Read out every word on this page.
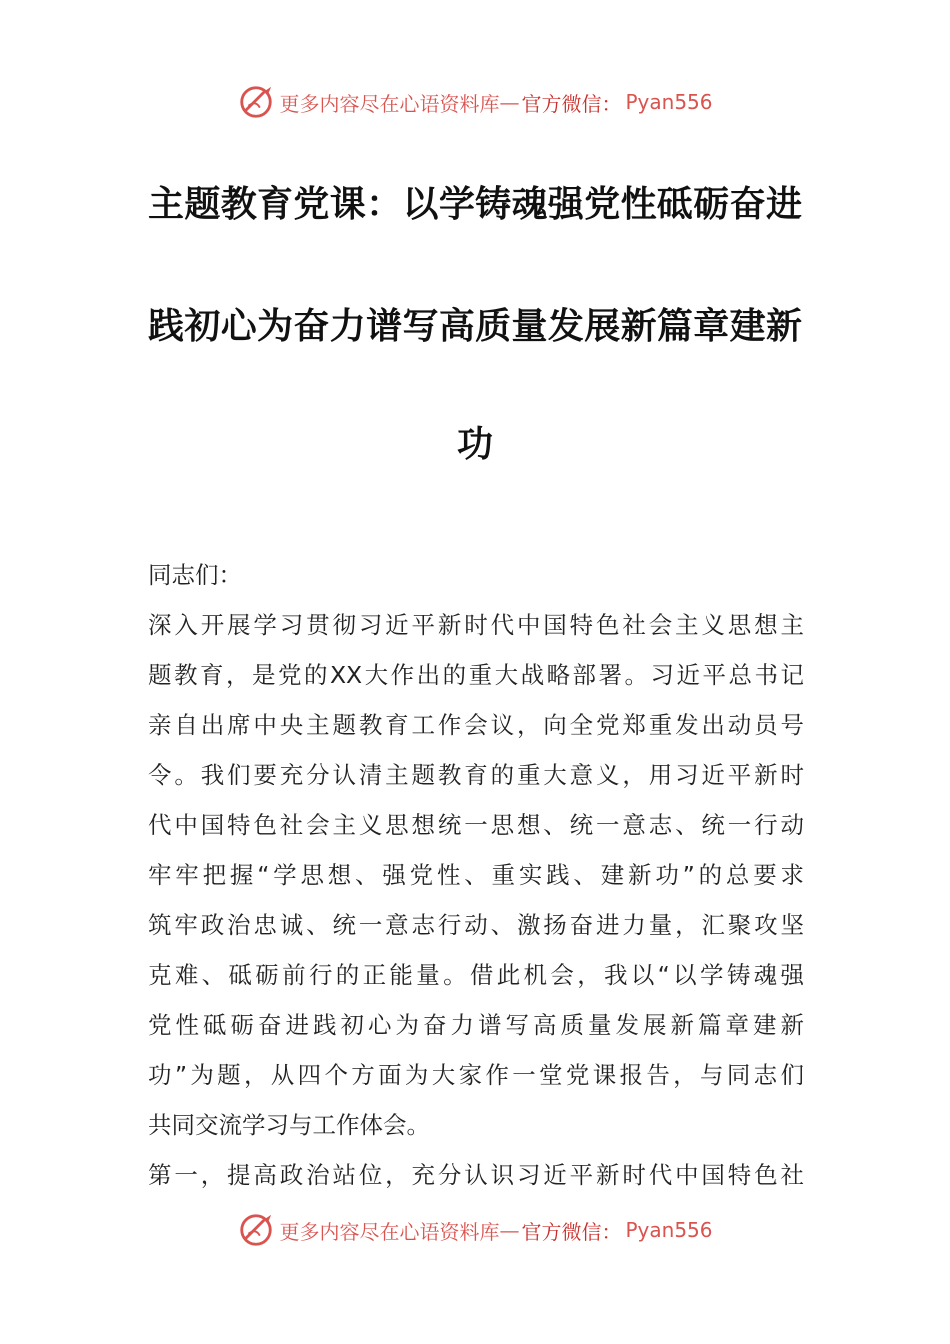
更多内容尽在心语资料库 — 官方微信： Pyan556
主题教育党课：以学铸魂强党性砥砺奋进
践初心为奋力谱写高质量发展新篇章建新
功
同志们：
深入开展学习贯彻习近平新时代中国特色社会主义思想主
题教育，是党的XX大作出的重大战略部署。习近平总书记
亲自出席中央主题教育工作会议，向全党郑重发出动员号
令。我们要充分认清主题教育的重大意义，用习近平新时
代中国特色社会主义思想统一思想、统一意志、统一行动
牢牢把握“学思想、强党性、重实践、建新功”的总要求
筑牢政治忠诚、统一意志行动、激扬奋进力量，汇聚攻坚
克难、砥砺前行的正能量。借此机会，我以“以学铸魂强
党性砥砺奋进践初心为奋力谱写高质量发展新篇章建新
功”为题，从四个方面为大家作一堂党课报告，与同志们
共同交流学习与工作体会。
第一，提高政治站位，充分认识习近平新时代中国特色社
更多内容尽在心语资料库 — 官方微信： Pyan556
